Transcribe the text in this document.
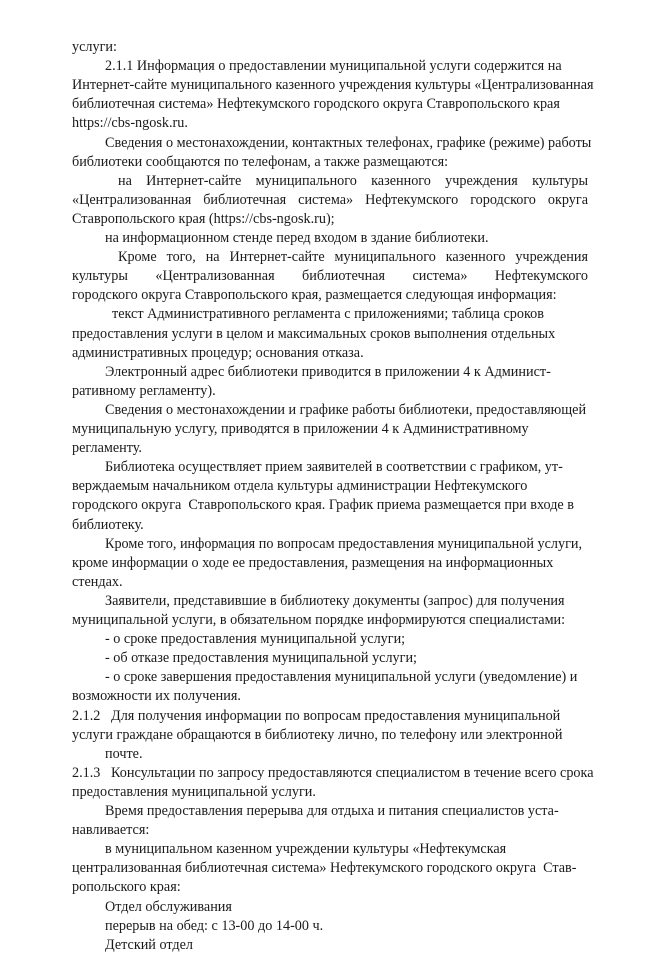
услуги:
2.1.1 Информация о предоставлении муниципальной услуги содержится на
Интернет-сайте муниципального казенного учреждения культуры «Централизованная
библиотечная система» Нефтекумского городского округа Ставропольского края
https://cbs-ngosk.ru.
Сведения о местонахождении, контактных телефонах, графике (режиме) работы
библиотеки сообщаются по телефонам, а также размещаются:
на Интернет-сайте муниципального казенного учреждения культуры
«Централизованная библиотечная система» Нефтекумского городского округа
Ставропольского края (https://cbs-ngosk.ru);
на информационном стенде перед входом в здание библиотеки.
Кроме того, на Интернет-сайте муниципального казенного учреждения
культуры «Централизованная библиотечная система» Нефтекумского
городского округа Ставропольского края, размещается следующая информация:
текст Административного регламента с приложениями; таблица сроков
предоставления услуги в целом и максимальных сроков выполнения отдельных
административных процедур; основания отказа.
Электронный адрес библиотеки приводится в приложении 4 к Админист-
ративному регламенту).
Сведения о местонахождении и графике работы библиотеки, предоставляющей
муниципальную услугу, приводятся в приложении 4 к Административному
регламенту.
Библиотека осуществляет прием заявителей в соответствии с графиком, ут-
верждаемым начальником отдела культуры администрации Нефтекумского
городского округа  Ставропольского края. График приема размещается при входе в
библиотеку.
Кроме того, информация по вопросам предоставления муниципальной услуги,
кроме информации о ходе ее предоставления, размещения на информационных
стендах.
Заявители, представившие в библиотеку документы (запрос) для получения
муниципальной услуги, в обязательном порядке информируются специалистами:
- о сроке предоставления муниципальной услуги;
- об отказе предоставления муниципальной услуги;
- о сроке завершения предоставления муниципальной услуги (уведомление) и
возможности их получения.
2.1.2   Для получения информации по вопросам предоставления муниципальной
услуги граждане обращаются в библиотеку лично, по телефону или электронной
почте.
2.1.3   Консультации по запросу предоставляются специалистом в течение всего срока
предоставления муниципальной услуги.
Время предоставления перерыва для отдыха и питания специалистов уста-
навливается:
в муниципальном казенном учреждении культуры «Нефтекумская
централизованная библиотечная система» Нефтекумского городского округа  Став-
ропольского края:
Отдел обслуживания
перерыв на обед: с 13-00 до 14-00 ч.
Детский отдел
